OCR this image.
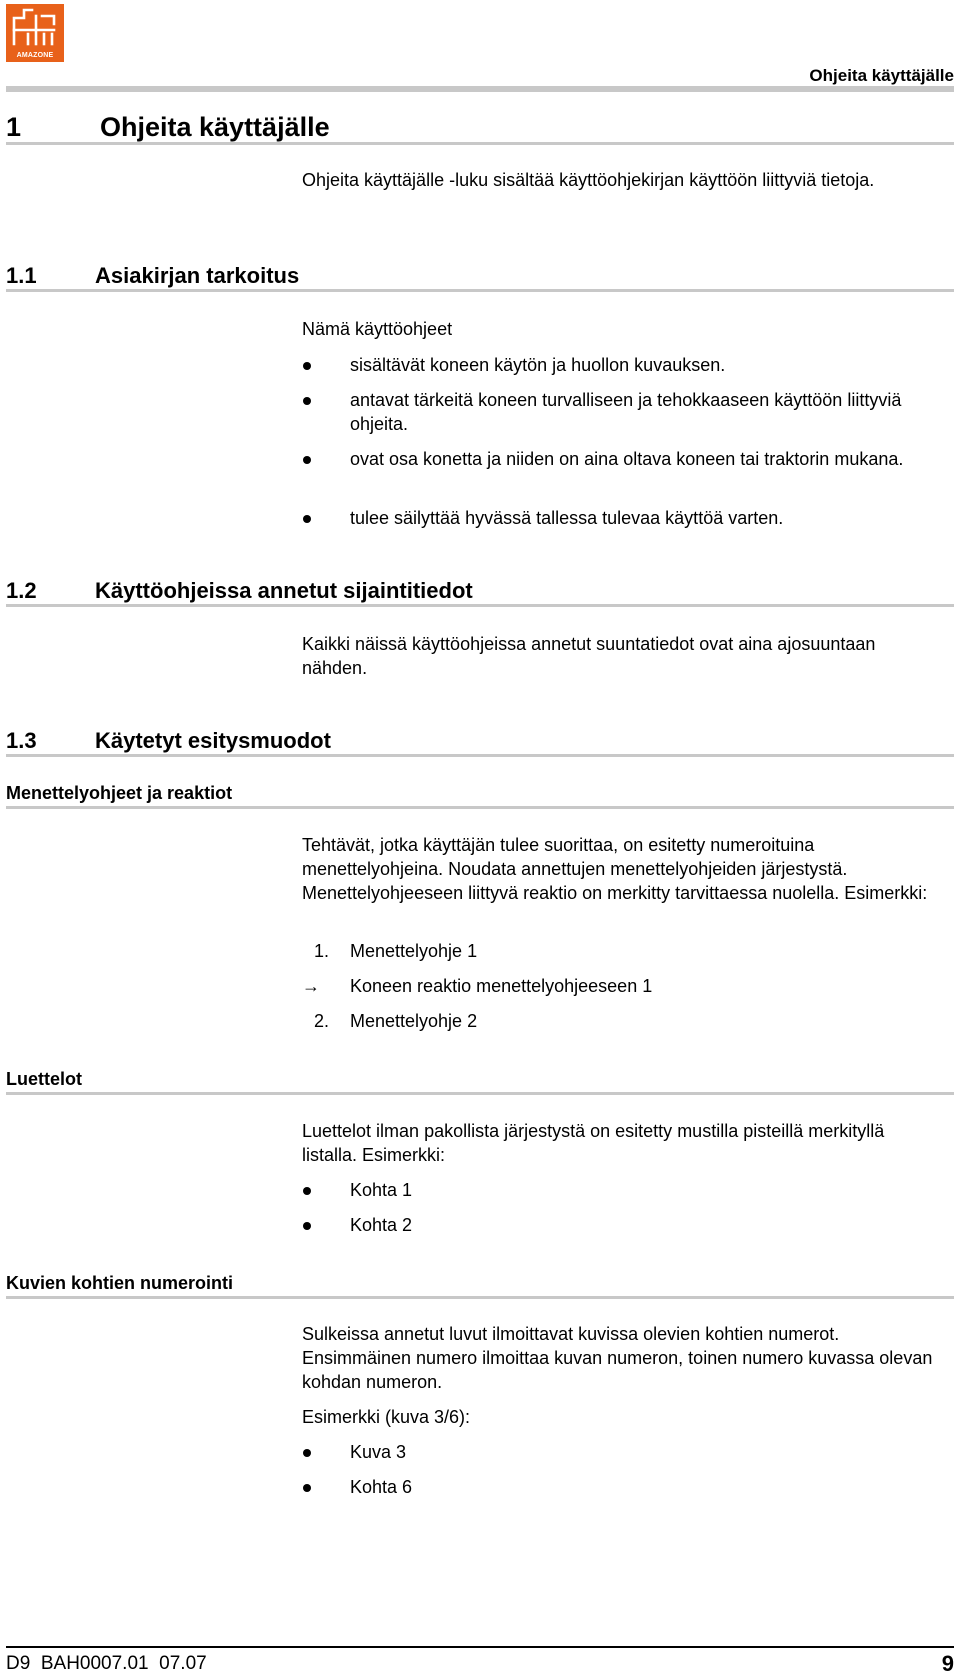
AMAZONE
Ohjeita käyttäjälle
1	Ohjeita käyttäjälle
Ohjeita käyttäjälle -luku sisältää käyttöohjekirjan käyttöön liittyviä tietoja.
1.1	Asiakirjan tarkoitus
Nämä käyttöohjeet
sisältävät koneen käytön ja huollon kuvauksen.
antavat tärkeitä koneen turvalliseen ja tehokkaaseen käyttöön liittyviä ohjeita.
ovat osa konetta ja niiden on aina oltava koneen tai traktorin mukana.
tulee säilyttää hyvässä tallessa tulevaa käyttöä varten.
1.2	Käyttöohjeissa annetut sijaintitiedot
Kaikki näissä käyttöohjeissa annetut suuntatiedot ovat aina ajosuuntaan nähden.
1.3	Käytetyt esitysmuodot
Menettelyohjeet ja reaktiot
Tehtävät, jotka käyttäjän tulee suorittaa, on esitetty numeroituina menettelyohjeina. Noudata annettujen menettelyohjeiden järjestystä. Menettelyohjeeseen liittyvä reaktio on merkitty tarvittaessa nuolella. Esimerkki:
1.	Menettelyohje 1
→	Koneen reaktio menettelyohjeeseen 1
2.	Menettelyohje 2
Luettelot
Luettelot ilman pakollista järjestystä on esitetty mustilla pisteillä merkityllä listalla. Esimerkki:
Kohta 1
Kohta 2
Kuvien kohtien numerointi
Sulkeissa annetut luvut ilmoittavat kuvissa olevien kohtien numerot. Ensimmäinen numero ilmoittaa kuvan numeron, toinen numero kuvassa olevan kohdan numeron.
Esimerkki (kuva 3/6):
Kuva 3
Kohta 6
D9  BAH0007.01  07.07	9
